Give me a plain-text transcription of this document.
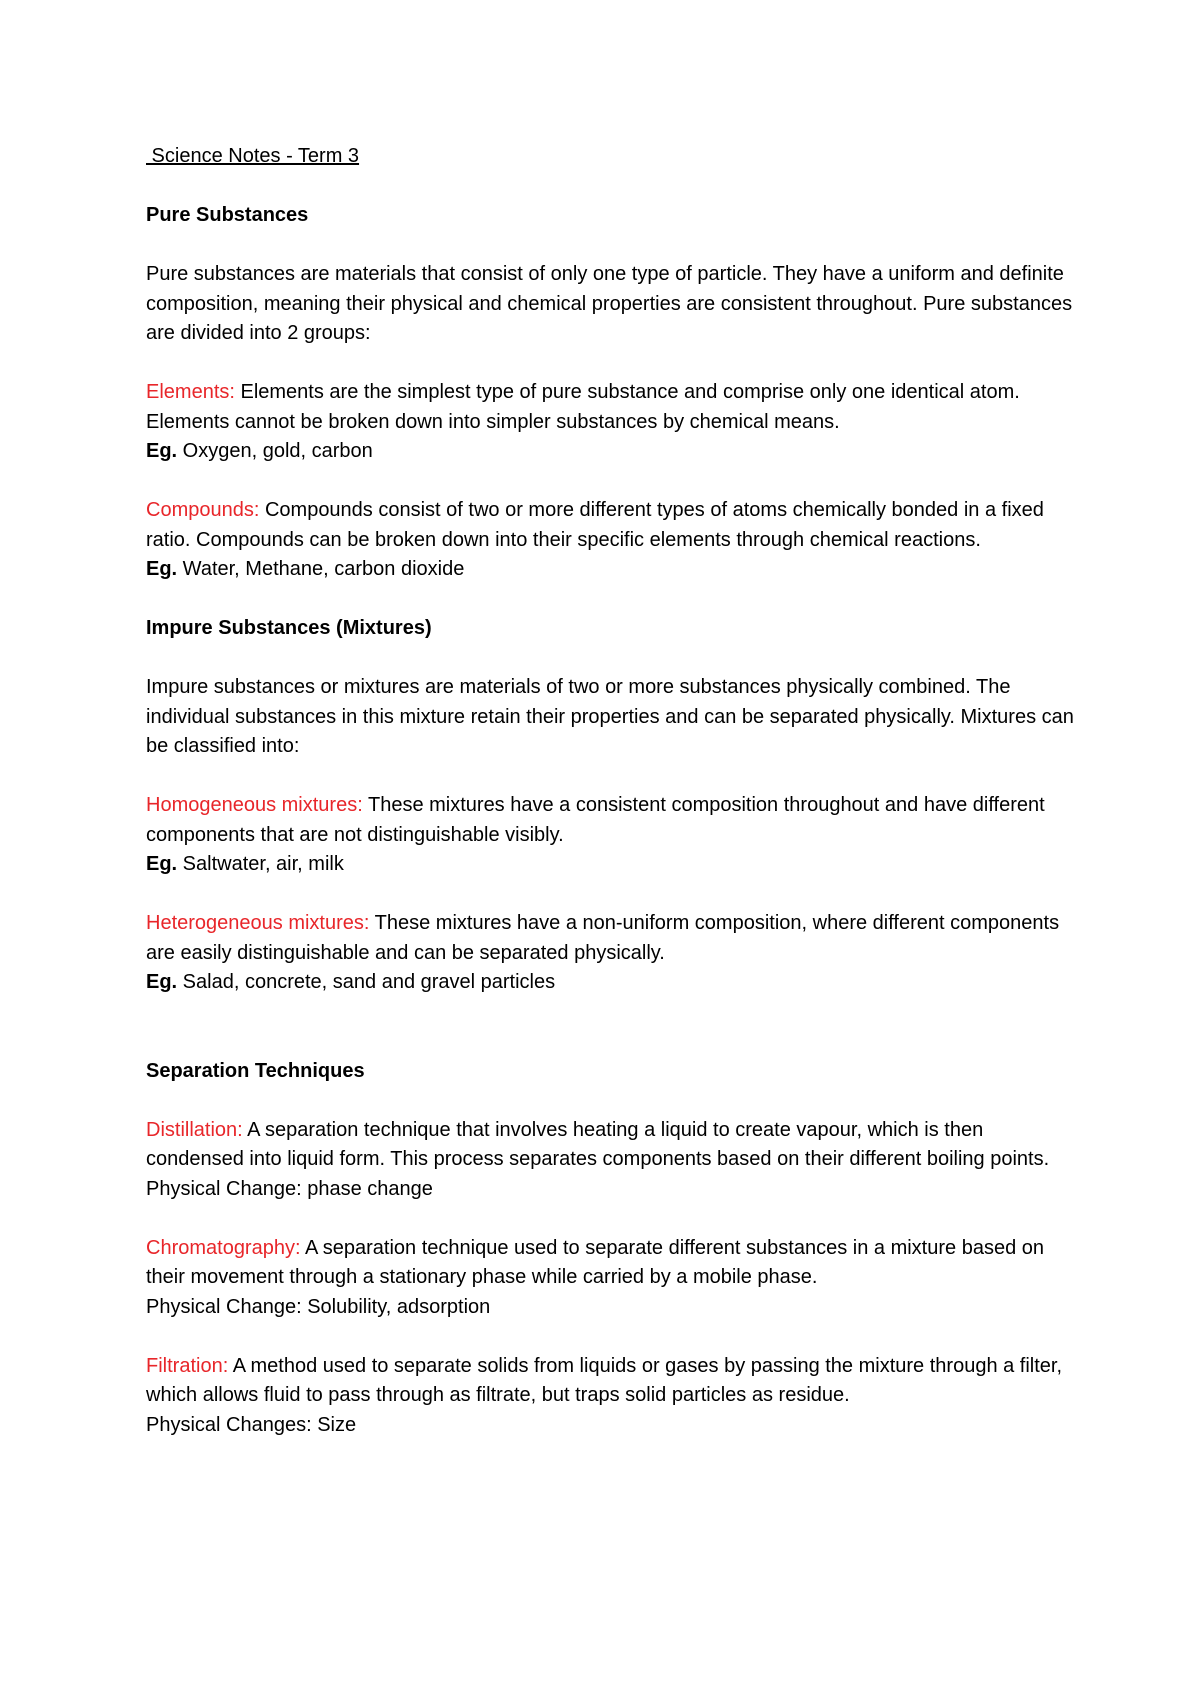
Science Notes - Term 3

Pure Substances

Pure substances are materials that consist of only one type of particle. They have a uniform and definite composition, meaning their physical and chemical properties are consistent throughout. Pure substances are divided into 2 groups:

Elements: Elements are the simplest type of pure substance and comprise only one identical atom. Elements cannot be broken down into simpler substances by chemical means.

Eg. Oxygen, gold, carbon

Compounds: Compounds consist of two or more different types of atoms chemically bonded in a fixed ratio. Compounds can be broken down into their specific elements through chemical reactions.

Eg. Water, Methane, carbon dioxide

Impure Substances (Mixtures)

Impure substances or mixtures are materials of two or more substances physically combined. The individual substances in this mixture retain their properties and can be separated physically. Mixtures can be classified into:

Homogeneous mixtures: These mixtures have a consistent composition throughout and have different components that are not distinguishable visibly.

Eg. Saltwater, air, milk

Heterogeneous mixtures: These mixtures have a non-uniform composition, where different components are easily distinguishable and can be separated physically.

Eg. Salad, concrete, sand and gravel particles

Separation Techniques

Distillation: A separation technique that involves heating a liquid to create vapour, which is then condensed into liquid form. This process separates components based on their different boiling points.

Physical Change: phase change

Chromatography: A separation technique used to separate different substances in a mixture based on their movement through a stationary phase while carried by a mobile phase.

Physical Change: Solubility, adsorption

Filtration: A method used to separate solids from liquids or gases by passing the mixture through a filter, which allows fluid to pass through as filtrate, but traps solid particles as residue.

Physical Changes: Size
